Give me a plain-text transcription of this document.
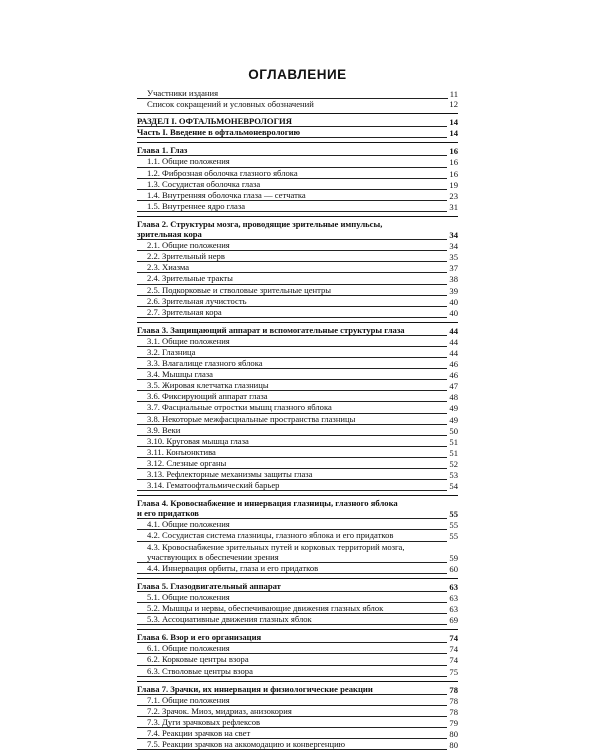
ОГЛАВЛЕНИЕ
Участники издания	11
Список сокращений и условных обозначений	12
РАЗДЕЛ I. ОФТАЛЬМОНЕВРОЛОГИЯ	14
Часть I. Введение в офтальмоневрологию	14
Глава 1. Глаз	16
1.1. Общие положения	16
1.2. Фиброзная оболочка глазного яблока	16
1.3. Сосудистая оболочка глаза	19
1.4. Внутренняя оболочка глаза — сетчатка	23
1.5. Внутреннее ядро глаза	31
Глава 2. Структуры мозга, проводящие зрительные импульсы,
зрительная кора	34
2.1. Общие положения	34
2.2. Зрительный нерв	35
2.3. Хиазма	37
2.4. Зрительные тракты	38
2.5. Подкорковые и стволовые зрительные центры	39
2.6. Зрительная лучистость	40
2.7. Зрительная кора	40
Глава 3. Защищающий аппарат и вспомогательные структуры глаза	44
3.1. Общие положения	44
3.2. Глазница	44
3.3. Влагалище глазного яблока	46
3.4. Мышцы глаза	46
3.5. Жировая клетчатка глазницы	47
3.6. Фиксирующий аппарат глаза	48
3.7. Фасциальные отростки мышц глазного яблока	49
3.8. Некоторые межфасциальные пространства глазницы	49
3.9. Веки	50
3.10. Круговая мышца глаза	51
3.11. Конъюнктива	51
3.12. Слезные органы	52
3.13. Рефлекторные механизмы защиты глаза	53
3.14. Гематоофтальмический барьер	54
Глава 4. Кровоснабжение и иннервация глазницы, глазного яблока
и его придатков	55
4.1. Общие положения	55
4.2. Сосудистая система глазницы, глазного яблока и его придатков	55
4.3. Кровоснабжение зрительных путей и корковых территорий мозга,
участвующих в обеспечении зрения	59
4.4. Иннервация орбиты, глаза и его придатков	60
Глава 5. Глазодвигательный аппарат	63
5.1. Общие положения	63
5.2. Мышцы и нервы, обеспечивающие движения глазных яблок	63
5.3. Ассоциативные движения глазных яблок	69
Глава 6. Взор и его организация	74
6.1. Общие положения	74
6.2. Корковые центры взора	74
6.3. Стволовые центры взора	75
Глава 7. Зрачки, их иннервация и физиологические реакции	78
7.1. Общие положения	78
7.2. Зрачок. Миоз, мидриаз, анизокория	78
7.3. Дуги зрачковых рефлексов	79
7.4. Реакции зрачков на свет	80
7.5. Реакции зрачков на аккомодацию и конвергенцию	80
